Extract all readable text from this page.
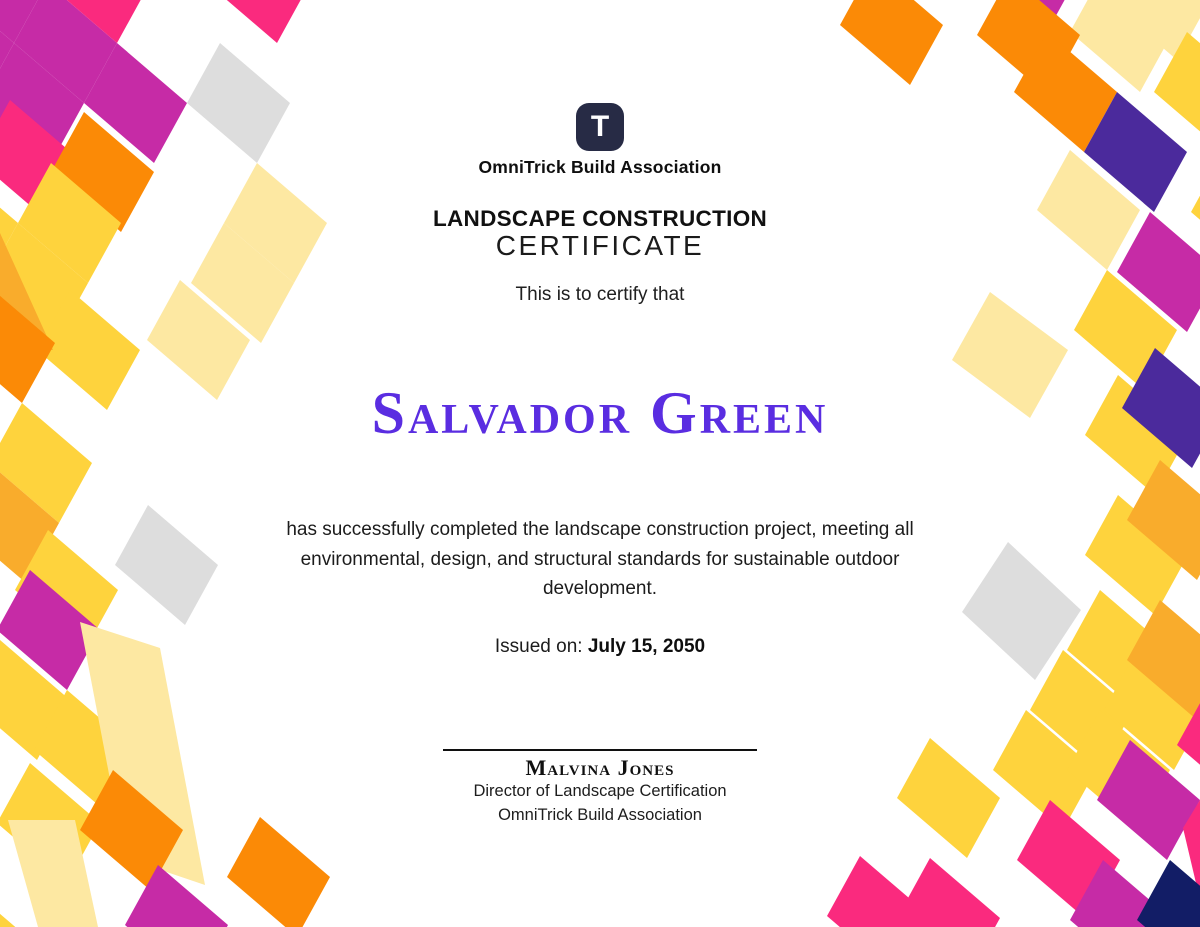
T
OmniTrick Build Association
LANDSCAPE CONSTRUCTION
CERTIFICATE
This is to certify that
Salvador Green
has successfully completed the landscape construction project, meeting all environmental, design, and structural standards for sustainable outdoor development.
Issued on: July 15, 2050
Malvina Jones
Director of Landscape Certification
OmniTrick Build Association
